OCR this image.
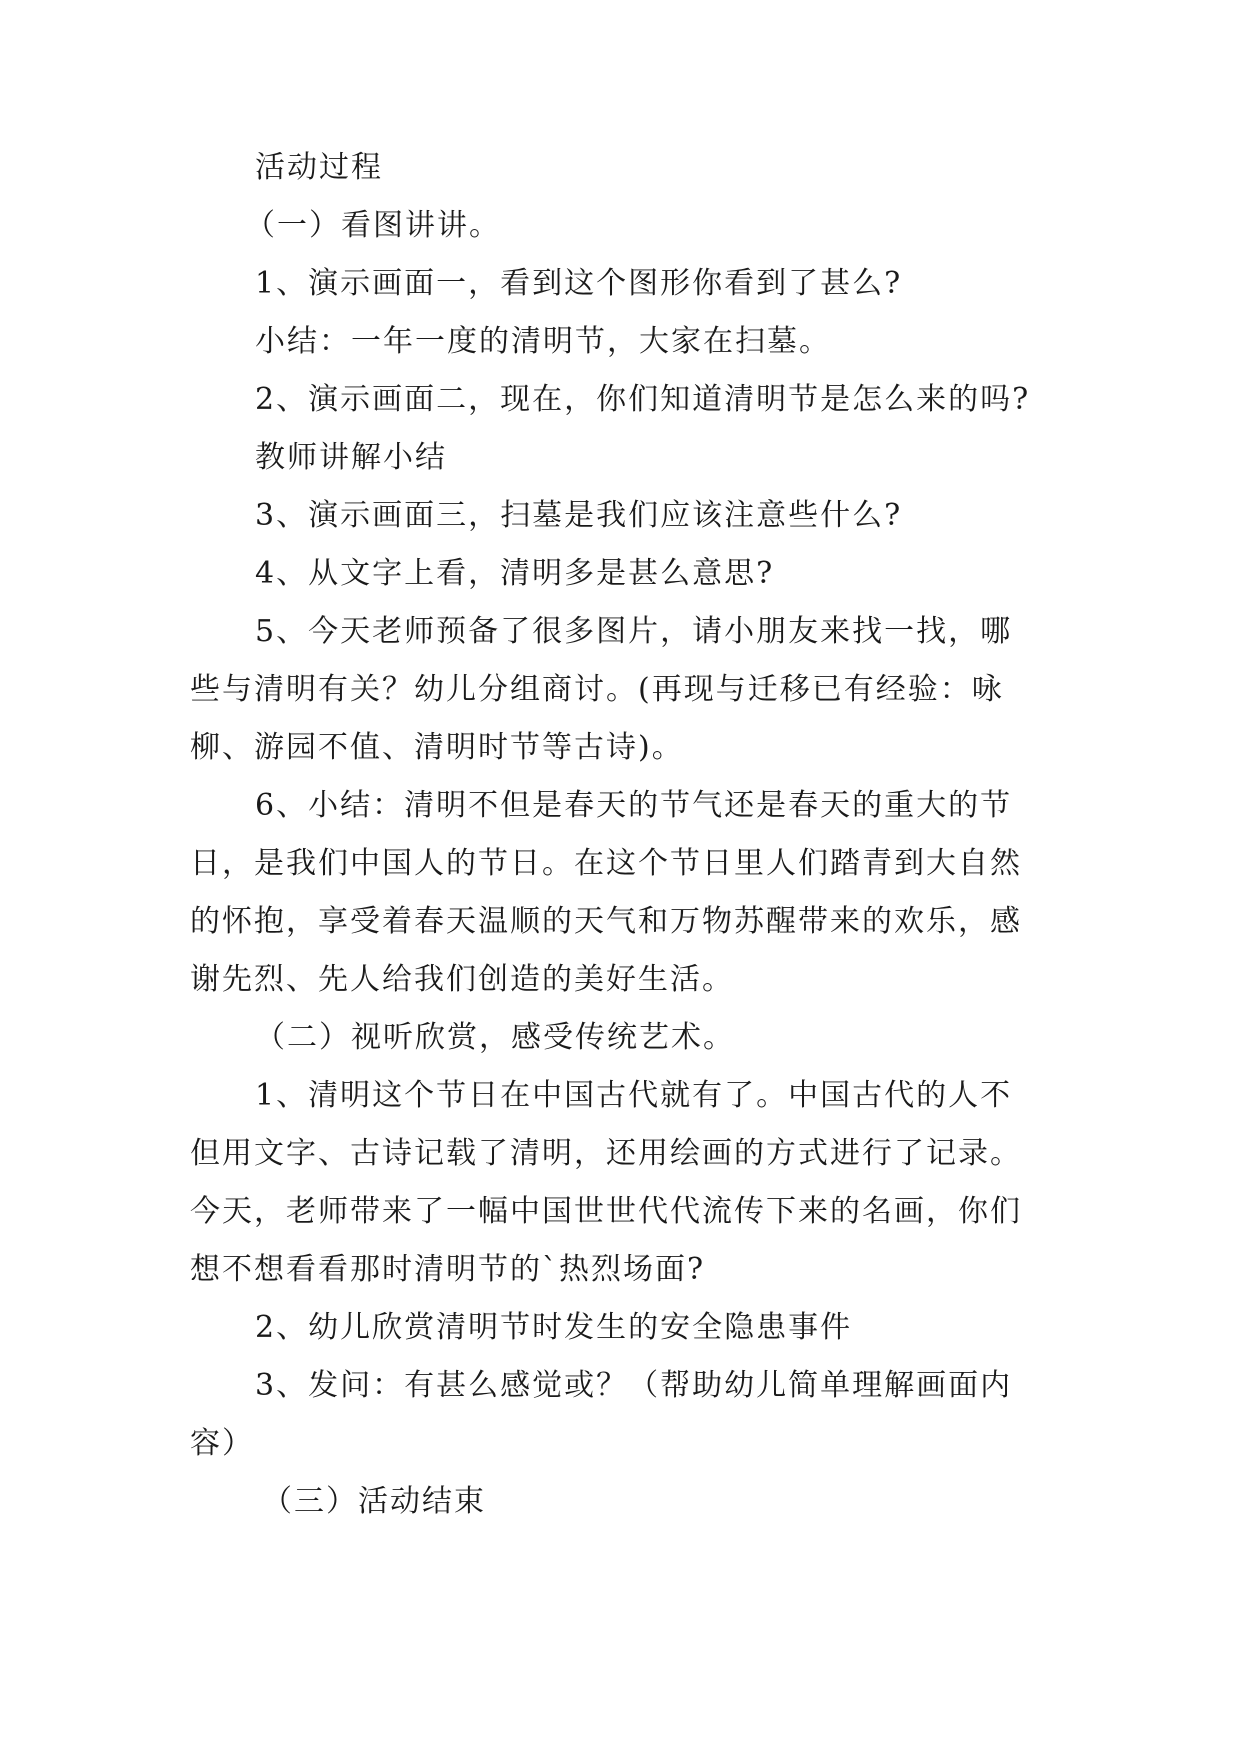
活动过程
（一）看图讲讲。
1、演示画面一，看到这个图形你看到了甚么?
小结：一年一度的清明节，大家在扫墓。
2、演示画面二，现在，你们知道清明节是怎么来的吗?
教师讲解小结
3、演示画面三，扫墓是我们应该注意些什么?
4、从文字上看，清明多是甚么意思?
5、今天老师预备了很多图片，请小朋友来找一找，哪
些与清明有关？幼儿分组商讨。(再现与迁移已有经验：咏
柳、游园不值、清明时节等古诗)。
6、小结：清明不但是春天的节气还是春天的重大的节
日，是我们中国人的节日。在这个节日里人们踏青到大自然
的怀抱，享受着春天温顺的天气和万物苏醒带来的欢乐，感
谢先烈、先人给我们创造的美好生活。
（二）视听欣赏，感受传统艺术。
1、清明这个节日在中国古代就有了。中国古代的人不
但用文字、古诗记载了清明，还用绘画的方式进行了记录。
今天，老师带来了一幅中国世世代代流传下来的名画，你们
想不想看看那时清明节的`热烈场面?
2、幼儿欣赏清明节时发生的安全隐患事件
3、发问：有甚么感觉或？（帮助幼儿简单理解画面内
容）
（三）活动结束
